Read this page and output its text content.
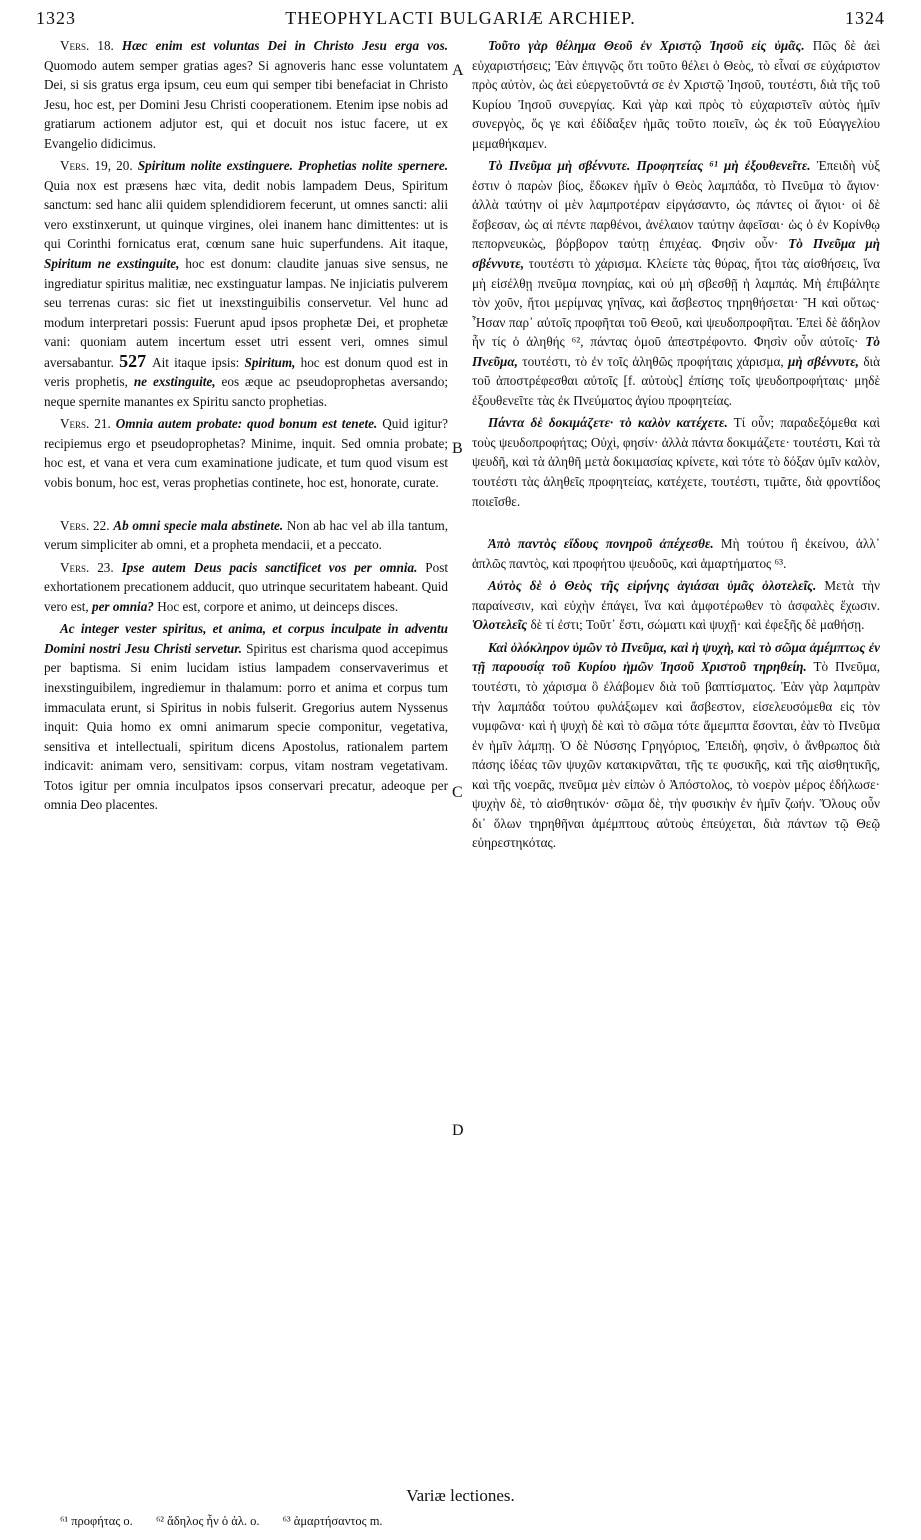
1323	THEOPHYLACTI BULGARIÆ ARCHIEP.	1324
A
B
C
D

Vers. 18. Hæc enim est voluntas Dei in Christo Jesu erga vos. Quomodo autem semper gratias ages? Si agnoveris hanc esse voluntatem Dei, si sis gratus erga ipsum, ceu eum qui semper tibi benefaciat in Christo Jesu, hoc est, per Domini Jesu Christi cooperationem. Etenim ipse nobis ad gratiarum actionem adjutor est, qui et docuit nos istuc facere, ut ex Evangelio didicimus.

Vers. 19, 20. Spiritum nolite exstinguere. Prophetias nolite spernere. Quia nox est præsens hæc vita, dedit nobis lampadem Deus, Spiritum sanctum: sed hanc alii quidem splendidiorem fecerunt, ut omnes sancti: alii vero exstinxerunt, ut quinque virgines, olei inanem hanc dimittentes: ut is qui Corinthi fornicatus erat, cœnum sane huic superfundens. Ait itaque, Spiritum ne exstinguite, hoc est donum: claudite januas sive sensus, ne ingrediatur spiritus malitiæ, nec exstinguatur lampas. Ne injiciatis pulverem seu terrenas curas: sic fiet ut inexstinguibilis conservetur. Vel hunc ad modum interpretari possis: Fuerunt apud ipsos prophetæ Dei, et prophetæ vani: quoniam autem incertum esset utri essent veri, omnes simul aversabantur. 527 Ait itaque ipsis: Spiritum, hoc est donum quod est in veris prophetis, ne exstinguite, eos æque ac pseudoprophetas aversando; neque spernite manantes ex Spiritu sancto prophetias.

Vers. 21. Omnia autem probate: quod bonum est tenete. Quid igitur? recipiemus ergo et pseudoprophetas? Minime, inquit. Sed omnia probate; hoc est, et vana et vera cum examinatione judicate, et tum quod visum est vobis bonum, hoc est, veras prophetias continete, hoc est, honorate, curate.

Vers. 22. Ab omni specie mala abstinete. Non ab hac vel ab illa tantum, verum simpliciter ab omni, et a propheta mendacii, et a peccato.

Vers. 23. Ipse autem Deus pacis sanctificet vos per omnia. Post exhortationem precationem adducit, quo utrinque securitatem habeant. Quid vero est, per omnia? Hoc est, corpore et animo, ut deinceps disces.

Ac integer vester spiritus, et anima, et corpus inculpate in adventu Domini nostri Jesu Christi servetur. Spiritus est charisma quod accepimus per baptisma. Si enim lucidam istius lampadem conservaverimus et inexstinguibilem, ingrediemur in thalamum: porro et anima et corpus tum immaculata erunt, si Spiritus in nobis fulserit. Gregorius autem Nyssenus inquit: Quia homo ex omni animarum specie componitur, vegetativa, sensitiva et intellectuali, spiritum dicens Apostolus, rationalem partem indicavit: animam vero, sensitivam: corpus, vitam nostram vegetativam. Totos igitur per omnia inculpatos ipsos conservari precatur, adeoque per omnia Deo placentes.

Τοῦτο γὰρ θέλημα Θεοῦ ἐν Χριστῷ Ἰησοῦ εἰς ὑμᾶς. Πῶς δὲ ἀεὶ εὐχαριστήσεις; Ἐὰν ἐπιγνῷς ὅτι τοῦτο θέλει ὁ Θεὸς, τὸ εἶναί σε εὐχάριστον πρὸς αὐτὸν, ὡς ἀεὶ εὐεργετοῦντά σε ἐν Χριστῷ Ἰησοῦ, τουτέστι, διὰ τῆς τοῦ Κυρίου Ἰησοῦ συνεργίας. Καὶ γὰρ καὶ πρὸς τὸ εὐχαριστεῖν αὐτὸς ἡμῖν συνεργὸς, ὅς γε καὶ ἐδίδαξεν ἡμᾶς τοῦτο ποιεῖν, ὡς ἐκ τοῦ Εὐαγγελίου μεμαθήκαμεν.

Τὸ Πνεῦμα μὴ σβέννυτε. Προφητείας ⁶¹ μὴ ἐξουθενεῖτε. Ἐπειδὴ νὺξ ἐστιν ὁ παρὼν βίος, ἔδωκεν ἡμῖν ὁ Θεὸς λαμπάδα, τὸ Πνεῦμα τὸ ἅγιον· ἀλλὰ ταύτην οἱ μὲν λαμπροτέραν εἰργάσαντο, ὡς πάντες οἱ ἅγιοι· οἱ δὲ ἔσβεσαν, ὡς αἱ πέντε παρθένοι, ἀνέλαιον ταύτην ἀφεῖσαι· ὡς ὁ ἐν Κορίνθῳ πεπορνευκὼς, βόρβορον ταύτῃ ἐπιχέας. Φησὶν οὖν· Τὸ Πνεῦμα μὴ σβέννυτε, τουτέστι τὸ χάρισμα. Κλείετε τὰς θύρας, ἤτοι τὰς αἰσθήσεις, ἵνα μὴ εἰσέλθῃ πνεῦμα πονηρίας, καὶ οὐ μὴ σβεσθῇ ἡ λαμπάς. Μὴ ἐπιβάλητε τὸν χοῦν, ἤτοι μερίμνας γηΐνας, καὶ ἄσβεστος τηρηθήσεται· Ἢ καὶ οὕτως· Ἦσαν παρ᾽ αὐτοῖς προφῆται τοῦ Θεοῦ, καὶ ψευδοπροφῆται. Ἐπεὶ δὲ ἄδηλον ἦν τίς ὁ ἀληθής ⁶², πάντας ὁμοῦ ἀπεστρέφοντο. Φησὶν οὖν αὐτοῖς· Τὸ Πνεῦμα, τουτέστι, τὸ ἐν τοῖς ἀληθῶς προφήταις χάρισμα, μὴ σβέννυτε, διὰ τοῦ ἀποστρέφεσθαι αὐτοῖς [f. αὐτοὺς] ἐπίσης τοῖς ψευδοπροφήταις· μηδὲ ἐξουθενεῖτε τὰς ἐκ Πνεύματος ἁγίου προφητείας.

Πάντα δὲ δοκιμάζετε· τὸ καλὸν κατέχετε. Τί οὖν; παραδεξόμεθα καὶ τοὺς ψευδοπροφήτας; Οὐχὶ, φησίν· ἀλλὰ πάντα δοκιμάζετε· τουτέστι, Καὶ τὰ ψευδῆ, καὶ τὰ ἀληθῆ μετὰ δοκιμασίας κρίνετε, καὶ τότε τὸ δόξαν ὑμῖν καλὸν, τουτέστι τὰς ἀληθεῖς προφητείας, κατέχετε, τουτέστι, τιμᾶτε, διὰ φροντίδος ποιεῖσθε.

Ἀπὸ παντὸς εἴδους πονηροῦ ἀπέχεσθε. Μὴ τούτου ἢ ἐκείνου, ἀλλ᾽ ἁπλῶς παντὸς, καὶ προφήτου ψευδοῦς, καὶ ἁμαρτήματος ⁶³.

Αὐτὸς δὲ ὁ Θεὸς τῆς εἰρήνης ἁγιάσαι ὑμᾶς ὁλοτελεῖς. Μετὰ τὴν παραίνεσιν, καὶ εὐχὴν ἐπάγει, ἵνα καὶ ἀμφοτέρωθεν τὸ ἀσφαλὲς ἔχωσιν. Ὁλοτελεῖς δὲ τί ἐστι; Τοῦτ᾽ ἔστι, σώματι καὶ ψυχῇ· καὶ ἐφεξῆς δὲ μαθήσῃ.

Καὶ ὁλόκληρον ὑμῶν τὸ Πνεῦμα, καὶ ἡ ψυχὴ, καὶ τὸ σῶμα ἀμέμπτως ἐν τῇ παρουσίᾳ τοῦ Κυρίου ἡμῶν Ἰησοῦ Χριστοῦ τηρηθείη. Τὸ Πνεῦμα, τουτέστι, τὸ χάρισμα ὃ ἐλάβομεν διὰ τοῦ βαπτίσματος. Ἐὰν γὰρ λαμπρὰν τὴν λαμπάδα τούτου φυλάξωμεν καὶ ἄσβεστον, εἰσελευσόμεθα εἰς τὸν νυμφῶνα· καὶ ἡ ψυχὴ δὲ καὶ τὸ σῶμα τότε ἄμεμπτα ἔσονται, ἐὰν τὸ Πνεῦμα ἐν ἡμῖν λάμπῃ. Ὁ δὲ Νύσσης Γρηγόριος, Ἐπειδὴ, φησὶν, ὁ ἄνθρωπος διὰ πάσης ἰδέας τῶν ψυχῶν κατακιρνᾶται, τῆς τε φυσικῆς, καὶ τῆς αἰσθητικῆς, καὶ τῆς νοερᾶς, πνεῦμα μὲν εἰπὼν ὁ Ἀπόστολος, τὸ νοερὸν μέρος ἐδήλωσε· ψυχὴν δὲ, τὸ αἰσθητικόν· σῶμα δὲ, τὴν φυσικὴν ἐν ἡμῖν ζωήν. Ὅλους οὖν δι᾽ ὅλων τηρηθῆναι ἀμέμπτους αὐτοὺς ἐπεύχεται, διὰ πάντων τῷ Θεῷ εὐηρεστηκότας.

Variæ lectiones.
⁶¹ προφήτας ο. ⁶² ἄδηλος ἦν ὁ ἀλ. ο. ⁶³ ἁμαρτήσαντος m.
